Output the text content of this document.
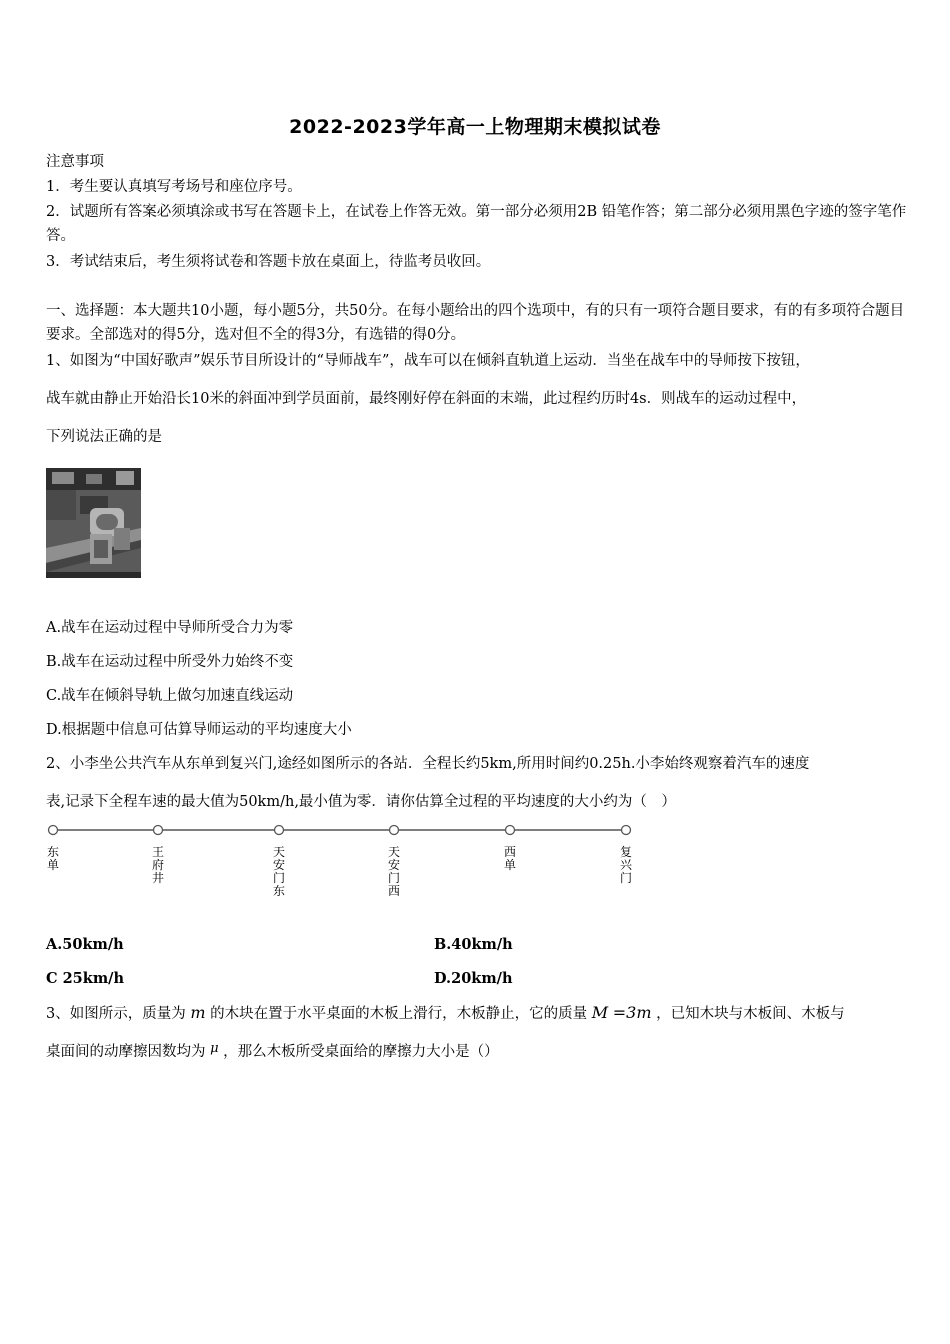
2022-2023学年高一上物理期末模拟试卷
注意事项
1．考生要认真填写考场号和座位序号。
2．试题所有答案必须填涂或书写在答题卡上，在试卷上作答无效。第一部分必须用2B 铅笔作答；第二部分必须用黑色字迹的签字笔作答。
3．考试结束后，考生须将试卷和答题卡放在桌面上，待监考员收回。
一、选择题：本大题共10小题，每小题5分，共50分。在每小题给出的四个选项中，有的只有一项符合题目要求，有的有多项符合题目要求。全部选对的得5分，选对但不全的得3分，有选错的得0分。
1、如图为“中国好歌声”娱乐节目所设计的“导师战车”，战车可以在倾斜直轨道上运动．当坐在战车中的导师按下按钮，
战车就由静止开始沿长10米的斜面冲到学员面前，最终刚好停在斜面的末端，此过程约历时4s．则战车的运动过程中，
下列说法正确的是
A.战车在运动过程中导师所受合力为零
B.战车在运动过程中所受外力始终不变
C.战车在倾斜导轨上做匀加速直线运动
D.根据题中信息可估算导师运动的平均速度大小
2、小李坐公共汽车从东单到复兴门,途经如图所示的各站．全程长约5km,所用时间约0.25h.小李始终观察着汽车的速度
表,记录下全程车速的最大值为50km/h,最小值为零．请你估算全过程的平均速度的大小约为（　）
东单
王府井
天安门东
天安门西
西单
复兴门
A.50km/h	B.40km/h
C 25km/h	D.20km/h
3、如图所示，质量为 m 的木块在置于水平桌面的木板上滑行，木板静止，它的质量 M =3m ，已知木块与木板间、木板与
桌面间的动摩擦因数均为 μ ，那么木板所受桌面给的摩擦力大小是（）
